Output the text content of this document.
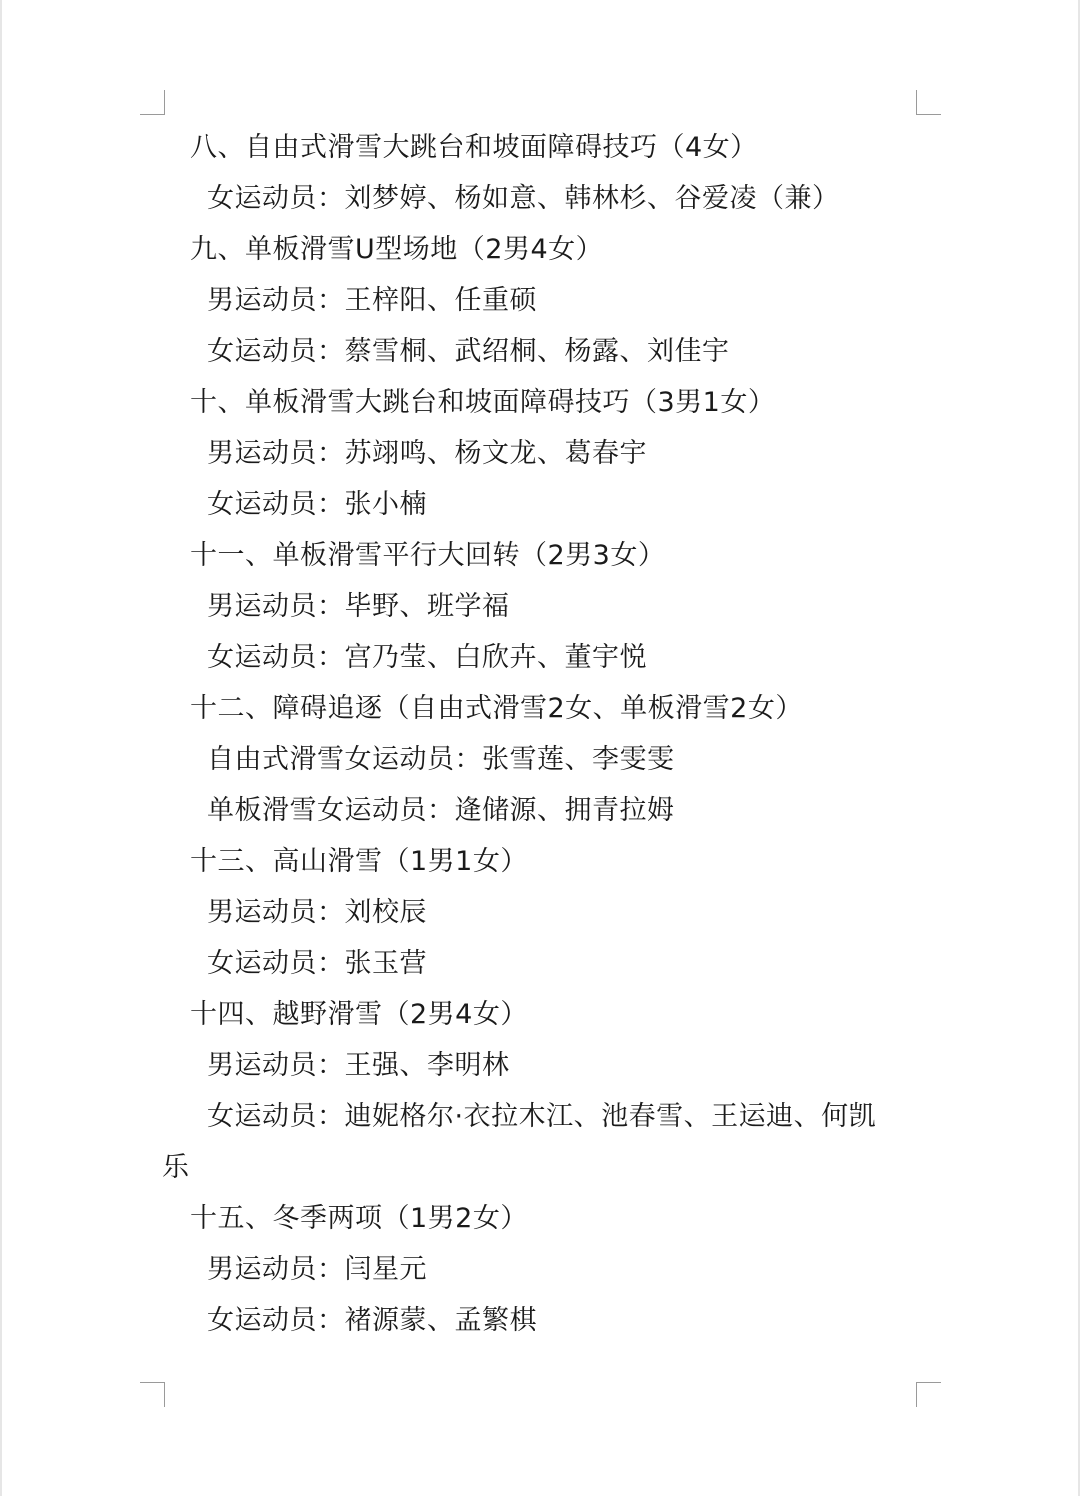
八、自由式滑雪大跳台和坡面障碍技巧（4女）
女运动员：刘梦婷、杨如意、韩林杉、谷爱凌（兼）
九、单板滑雪U型场地（2男4女）
男运动员：王梓阳、任重硕
女运动员：蔡雪桐、武绍桐、杨露、刘佳宇
十、单板滑雪大跳台和坡面障碍技巧（3男1女）
男运动员：苏翊鸣、杨文龙、葛春宇
女运动员：张小楠
十一、单板滑雪平行大回转（2男3女）
男运动员：毕野、班学福
女运动员：宫乃莹、白欣卉、董宇悦
十二、障碍追逐（自由式滑雪2女、单板滑雪2女）
自由式滑雪女运动员：张雪莲、李雯雯
单板滑雪女运动员：逄储源、拥青拉姆
十三、高山滑雪（1男1女）
男运动员：刘校辰
女运动员：张玉营
十四、越野滑雪（2男4女）
男运动员：王强、李明林
女运动员：迪妮格尔·衣拉木江、池春雪、王运迪、何凯
乐
十五、冬季两项（1男2女）
男运动员：闫星元
女运动员：褚源蒙、孟繁棋
